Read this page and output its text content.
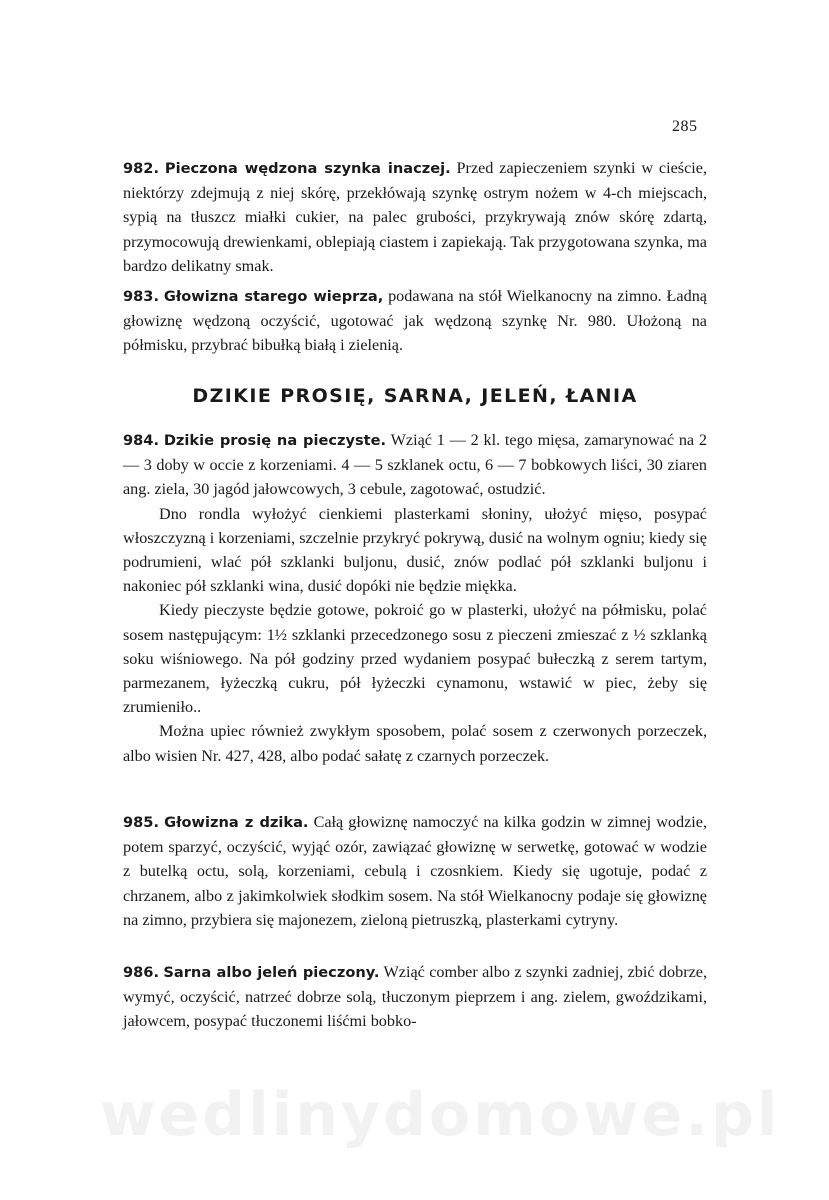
285

982. Pieczona wędzona szynka inaczej. Przed zapieczeniem szynki w cieście, niektórzy zdejmują z niej skórę, przekłówają szynkę ostrym nożem w 4-ch miejscach, sypią na tłuszcz miałki cukier, na palec grubości, przykrywają znów skórę zdartą, przymocowują drewienkami, oblepiają ciastem i zapiekają. Tak przygotowana szynka, ma bardzo delikatny smak.

983. Głowizna starego wieprza, podawana na stół Wielkanocny na zimno. Ładną głowiznę wędzoną oczyścić, ugotować jak wędzoną szynkę Nr. 980. Ułożoną na półmisku, przybrać bibułką białą i zielenią.

DZIKIE PROSIĘ, SARNA, JELEŃ, ŁANIA

984. Dzikie prosię na pieczyste. Wziąć 1 — 2 kl. tego mięsa, zamarynować na 2 — 3 doby w occie z korzeniami. 4 — 5 szklanek octu, 6 — 7 bobkowych liści, 30 ziaren ang. ziela, 30 jagód jałowcowych, 3 cebule, zagotować, ostudzić.

Dno rondla wyłożyć cienkiemi plasterkami słoniny, ułożyć mięso, posypać włoszczyzną i korzeniami, szczelnie przykryć pokrywą, dusić na wolnym ogniu; kiedy się podrumieni, wlać pół szklanki buljonu, dusić, znów podlać pół szklanki buljonu i nakoniec pół szklanki wina, dusić dopóki nie będzie miękka.

Kiedy pieczyste będzie gotowe, pokroić go w plasterki, ułożyć na półmisku, polać sosem następującym: 1½ szklanki przecedzonego sosu z pieczeni zmieszać z ½ szklanką soku wiśniowego. Na pół godziny przed wydaniem posypać bułeczką z serem tartym, parmezanem, łyżeczką cukru, pół łyżeczki cynamonu, wstawić w piec, żeby się zrumieniło..

Można upiec również zwykłym sposobem, polać sosem z czerwonych porzeczek, albo wisien Nr. 427, 428, albo podać sałatę z czarnych porzeczek.

985. Głowizna z dzika. Całą głowiznę namoczyć na kilka godzin w zimnej wodzie, potem sparzyć, oczyścić, wyjąć ozór, zawiązać głowiznę w serwetkę, gotować w wodzie z butelką octu, solą, korzeniami, cebulą i czosnkiem. Kiedy się ugotuje, podać z chrzanem, albo z jakimkolwiek słodkim sosem. Na stół Wielkanocny podaje się głowiznę na zimno, przybiera się majonezem, zieloną pietruszką, plasterkami cytryny.

986. Sarna albo jeleń pieczony. Wziąć comber albo z szynki zadniej, zbić dobrze, wymyć, oczyścić, natrzeć dobrze solą, tłuczonym pieprzem i ang. zielem, gwoździkami, jałowcem, posypać tłuczonemi liśćmi bobko-

wedlinydomowe.pl
